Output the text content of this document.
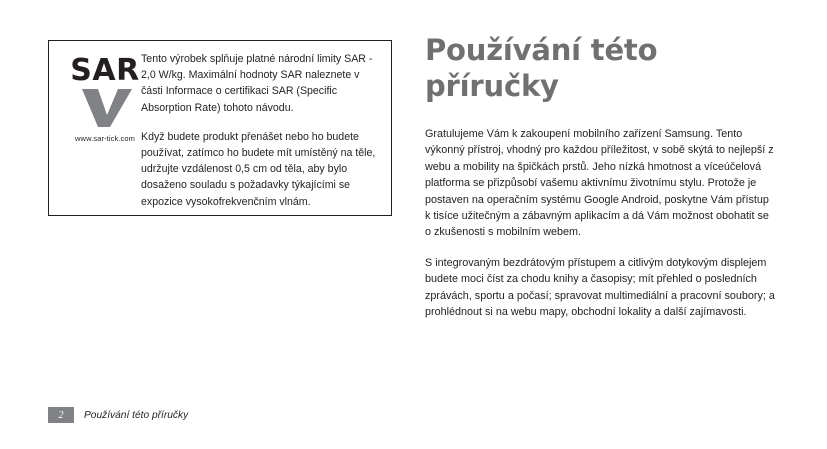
SAR
www.sar-tick.com

Tento výrobek splňuje platné národní limity SAR - 2,0 W/kg. Maximální hodnoty SAR naleznete v části Informace o certifikaci SAR (Specific Absorption Rate) tohoto návodu.

Když budete produkt přenášet nebo ho budete používat, zatímco ho budete mít umístěný na těle, udržujte vzdálenost 0,5 cm od těla, aby bylo dosaženo souladu s požadavky týkajícími se expozice vysokofrekvenčním vlnám.

Používání této příručky

Gratulujeme Vám k zakoupení mobilního zařízení Samsung. Tento výkonný přístroj, vhodný pro každou příležitost, v sobě skýtá to nejlepší z webu a mobility na špičkách prstů. Jeho nízká hmotnost a víceúčelová platforma se přizpůsobí vašemu aktivnímu životnímu stylu. Protože je postaven na operačním systému Google Android, poskytne Vám přístup k tisíce užitečným a zábavným aplikacím a dá Vám možnost obohatit se o zkušenosti s mobilním webem.

S integrovaným bezdrátovým přístupem a citlivým dotykovým displejem budete moci číst za chodu knihy a časopisy; mít přehled o posledních zprávách, sportu a počasí; spravovat multimediální a pracovní soubory; a prohlédnout si na webu mapy, obchodní lokality a další zajímavosti.

2	Používání této příručky
